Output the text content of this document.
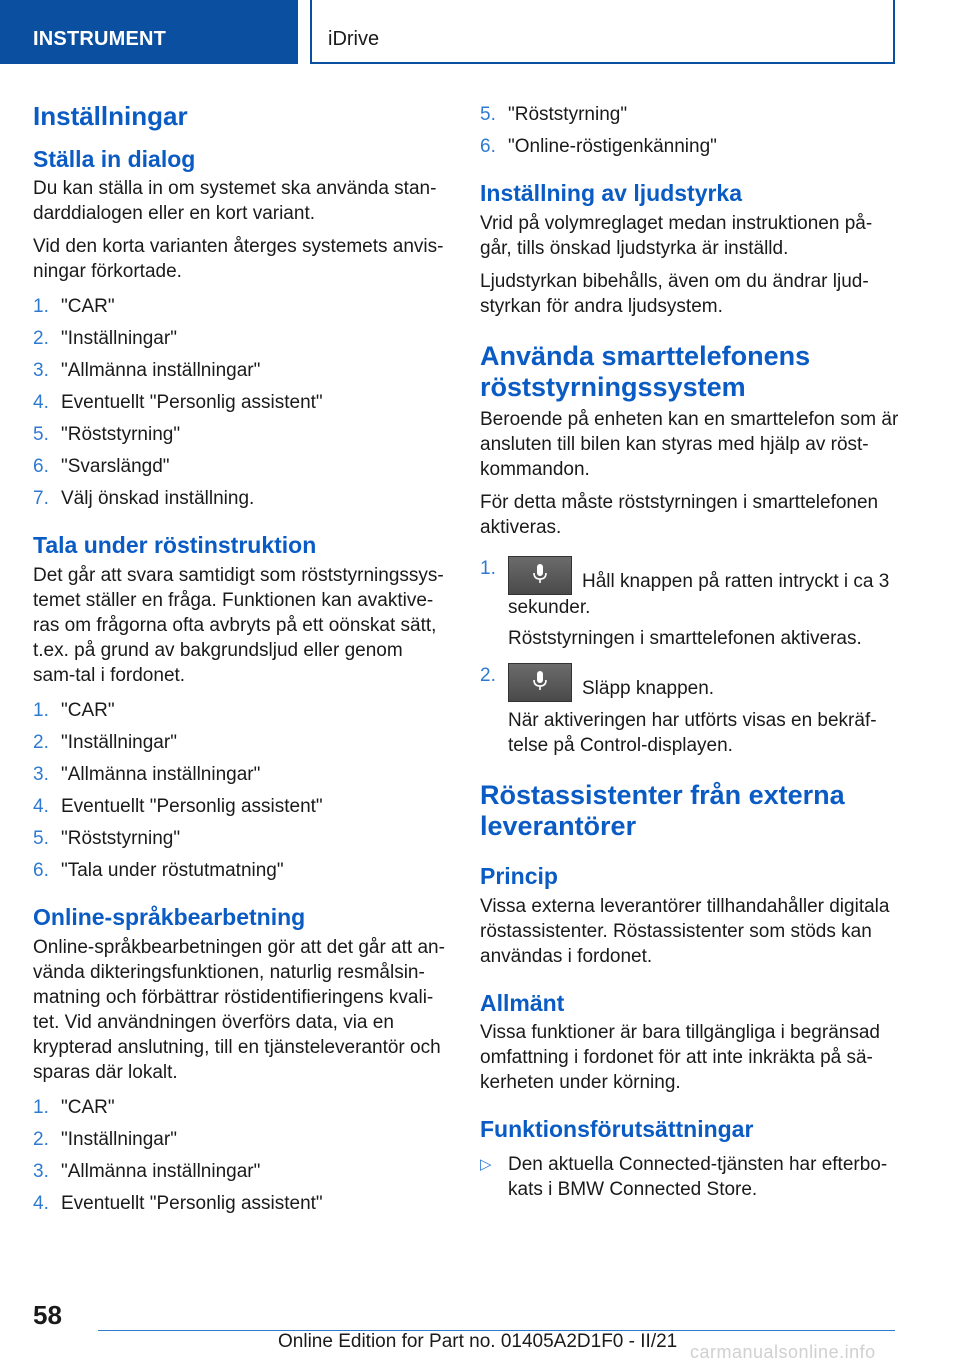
INSTRUMENT	iDrive
Inställningar
Ställa in dialog

Du kan ställa in om systemet ska använda stan-darddialogen eller en kort variant.

Vid den korta varianten återges systemets anvis-ningar förkortade.

1. "CAR"
2. "Inställningar"
3. "Allmänna inställningar"
4. Eventuellt "Personlig assistent"
5. "Röststyrning"
6. "Svarslängd"
7. Välj önskad inställning.
Tala under röstinstruktion

Det går att svara samtidigt som röststyrningssys-temet ställer en fråga. Funktionen kan avaktive-ras om frågorna ofta avbryts på ett oönskat sätt, t.ex. på grund av bakgrundsljud eller genom sam-tal i fordonet.

1. "CAR"
2. "Inställningar"
3. "Allmänna inställningar"
4. Eventuellt "Personlig assistent"
5. "Röststyrning"
6. "Tala under röstutmatning"
Online-språkbearbetning

Online-språkbearbetningen gör att det går att an-vända dikteringsfunktionen, naturlig resmålsin-matning och förbättrar röstidentifieringens kvali-tet. Vid användningen överförs data, via en krypterad anslutning, till en tjänsteleverantör och sparas där lokalt.

1. "CAR"
2. "Inställningar"
3. "Allmänna inställningar"
4. Eventuellt "Personlig assistent"
5. "Röststyrning"
6. "Online-röstigenkänning"
Inställning av ljudstyrka

Vrid på volymreglaget medan instruktionen på-går, tills önskad ljudstyrka är inställd.

Ljudstyrkan bibehålls, även om du ändrar ljud-styrkan för andra ljudsystem.

Använda smarttelefonens röststyrningssystem

Beroende på enheten kan en smarttelefon som är ansluten till bilen kan styras med hjälp av röst-kommandon.

För detta måste röststyrningen i smarttelefonen aktiveras.

1.
Håll knappen på ratten intryckt i ca 3 sekunder.
Röststyrningen i smarttelefonen aktiveras.
2.
Släpp knappen.
När aktiveringen har utförts visas en bekräf-telse på Control-displayen.
Röstassistenter från externa leverantörer
Princip

Vissa externa leverantörer tillhandahåller digitala röstassistenter. Röstassistenter som stöds kan användas i fordonet.

Allmänt

Vissa funktioner är bara tillgängliga i begränsad omfattning i fordonet för att inte inkräkta på sä-kerheten under körning.

Funktionsförutsättningar
▷ Den aktuella Connected-tjänsten har efterbo-kats i BMW Connected Store.
58
Online Edition for Part no. 01405A2D1F0 - II/21 carmanualsonline.info
